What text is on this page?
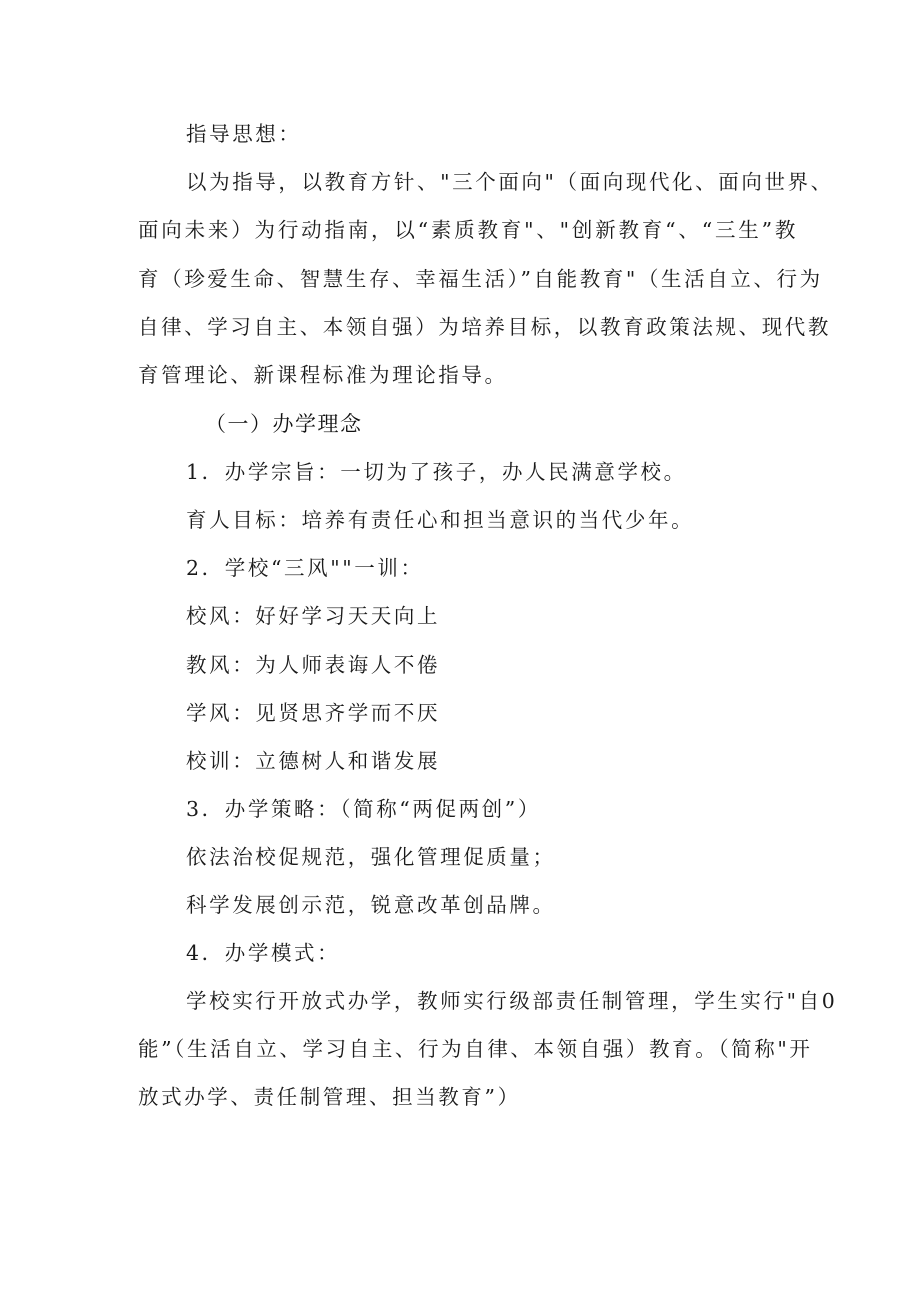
指导思想：
以为指导，以教育方针、"三个面向"（面向现代化、面向世界、
面向未来）为行动指南，以“素质教育"、"创新教育“、“三生”教
育（珍爱生命、智慧生存、幸福生活）”自能教育"（生活自立、行为
自律、学习自主、本领自强）为培养目标，以教育政策法规、现代教
育管理论、新课程标准为理论指导。
（一）办学理念
1．办学宗旨：一切为了孩子，办人民满意学校。
育人目标：培养有责任心和担当意识的当代少年。
2．学校“三风""一训：
校风：好好学习天天向上
教风：为人师表诲人不倦
学风：见贤思齐学而不厌
校训：立德树人和谐发展
3．办学策略：（简称“两促两创”）
依法治校促规范，强化管理促质量；
科学发展创示范，锐意改革创品牌。
4．办学模式：
学校实行开放式办学，教师实行级部责任制管理，学生实行"自0
能”（生活自立、学习自主、行为自律、本领自强）教育。（简称"开
放式办学、责任制管理、担当教育”）
